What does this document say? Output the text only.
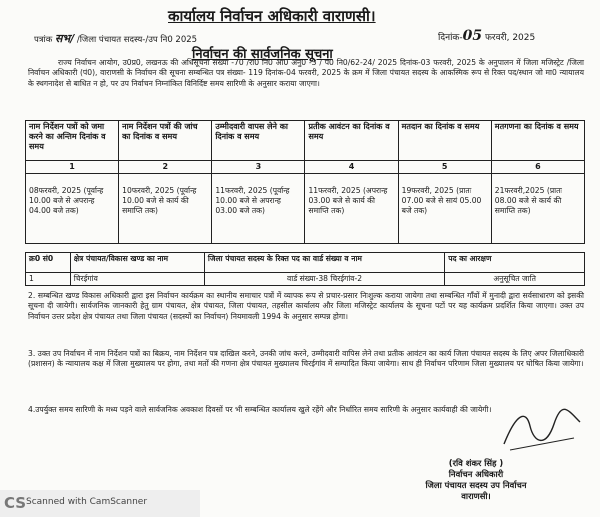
कार्यालय निर्वाचन अधिकारी वाराणसी।
पत्रांक सभ/ /जिला पंचायत सदस्य-/उप नि0 2025	दिनांक-05 फरवरी, 2025
निर्वाचन की सार्वजनिक सूचना
राज्य निर्वाचन आयोग, उ0प्र0, लखनऊ की अधिसूचना संख्या -70 /रा0 नि0 आ0 अनु0 -3 / प0 नि0/62-24/ 2025 दिनांक-03 फरवरी, 2025 के अनुपालन में जिला मजिस्ट्रेट /जिला निर्वाचन अधिकारी (पं0), वाराणसी के निर्वाचन की सूचना सम्बन्धित पत्र संख्या- 119 दिनांक-04 फरवरी, 2025 के क्रम में जिला पंचायत सदस्य के आकस्मिक रूप से रिक्त पद/स्थान जो मा0 न्यायालय के स्थगनादेश से बाधित न हो, पर उप निर्वाचन निम्नांकित विनिर्दिष्ट समय सारिणी के अनुसार कराया जाएगा।
नाम निर्देशन पत्रों को जमा करने का अन्तिम दिनांक व समय	नाम निर्देशन पत्रों की जांच का दिनांक व समय	उम्मीदवारी वापस लेने का दिनांक व समय	प्रतीक आवंटन का दिनांक व समय	मतदान का दिनांक व समय	मतगणना का दिनांक व समय
1	2	3	4	5	6
08फरवरी, 2025 (पूर्वान्ह 10.00 बजे से अपरान्ह 04.00 बजे तक)	10फरवरी, 2025 (पूर्वान्ह 10.00 बजे से कार्य की समाप्ति तक)	11फरवरी, 2025 (पूर्वान्ह 10.00 बजे से अपरान्ह 03.00 बजे तक)	11फरवरी, 2025 (अपरान्ह 03.00 बजे से कार्य की समाप्ति तक)	19फरवरी, 2025 (प्रातः 07.00 बजे से सायं 05.00 बजे तक)	21फरवरी,2025 (प्रातः 08.00 बजे से कार्य की समाप्ति तक)
क्र0 सं0	क्षेत्र पंचायत/विकास खण्ड का नाम	जिला पंचायत सदस्य के रिक्त पद का वार्ड संख्या व नाम	पद का आरक्षण
1	चिरईगांव	वार्ड संख्या-38 चिरईगांव-2	अनुसूचित जाति
2. सम्बन्धित खण्ड विकास अधिकारी द्वारा इस निर्वाचन कार्यक्रम का स्थानीय समाचार पत्रों में व्यापक रूप से प्रचार-प्रसार निःशुल्क कराया जायेगा तथा सम्बन्धित गाँवों में मुनादी द्वारा सर्वसाधारण को इसकी सूचना दी जायेगी। सार्वजनिक जानकारी हेतु ग्राम पंचायत, क्षेत्र पंचायत, जिला पंचायत, तहसील कार्यालय और जिला मजिस्ट्रेट कार्यालय के सूचना पटों पर यह कार्यक्रम प्रदर्शित किया जाएगा। उक्त उप निर्वाचन उत्तर प्रदेश क्षेत्र पंचायत तथा जिला पंचायत (सदस्यों का निर्वाचन) नियमावली 1994 के अनुसार सम्पन्न होगा।
3. उक्त उप निर्वाचन में नाम निर्देशन पत्रों का बिक्रय, नाम निर्देशन पत्र दाखिल करने, उनकी जांच करने, उम्मीदवारी वापिस लेने तथा प्रतीक आवंटन का कार्य जिला पंचायत सदस्य के लिए अपर जिलाधिकारी (प्रशासन) के न्यायालय कक्ष में जिला मुख्यालय पर होगा, तथा मतों की गणना क्षेत्र पंचायत मुख्यालय चिरईगांव में सम्पादित किया जायेगा। साथ ही निर्वाचन परिणाम जिला मुख्यालय पर घोषित किया जायेगा।
4.उपर्युक्त समय सारिणी के मध्य पड़ने वाले सार्वजनिक अवकाश दिवसों पर भी सम्बन्धित कार्यालय खुले रहेंगे और निर्धारित समय सारिणी के अनुसार कार्यवाही की जायेगी।
(रवि शंकर सिंह )
निर्वाचन अधिकारी
जिला पंचायत सदस्य उप निर्वाचन
वाराणसी।
CS Scanned with CamScanner
